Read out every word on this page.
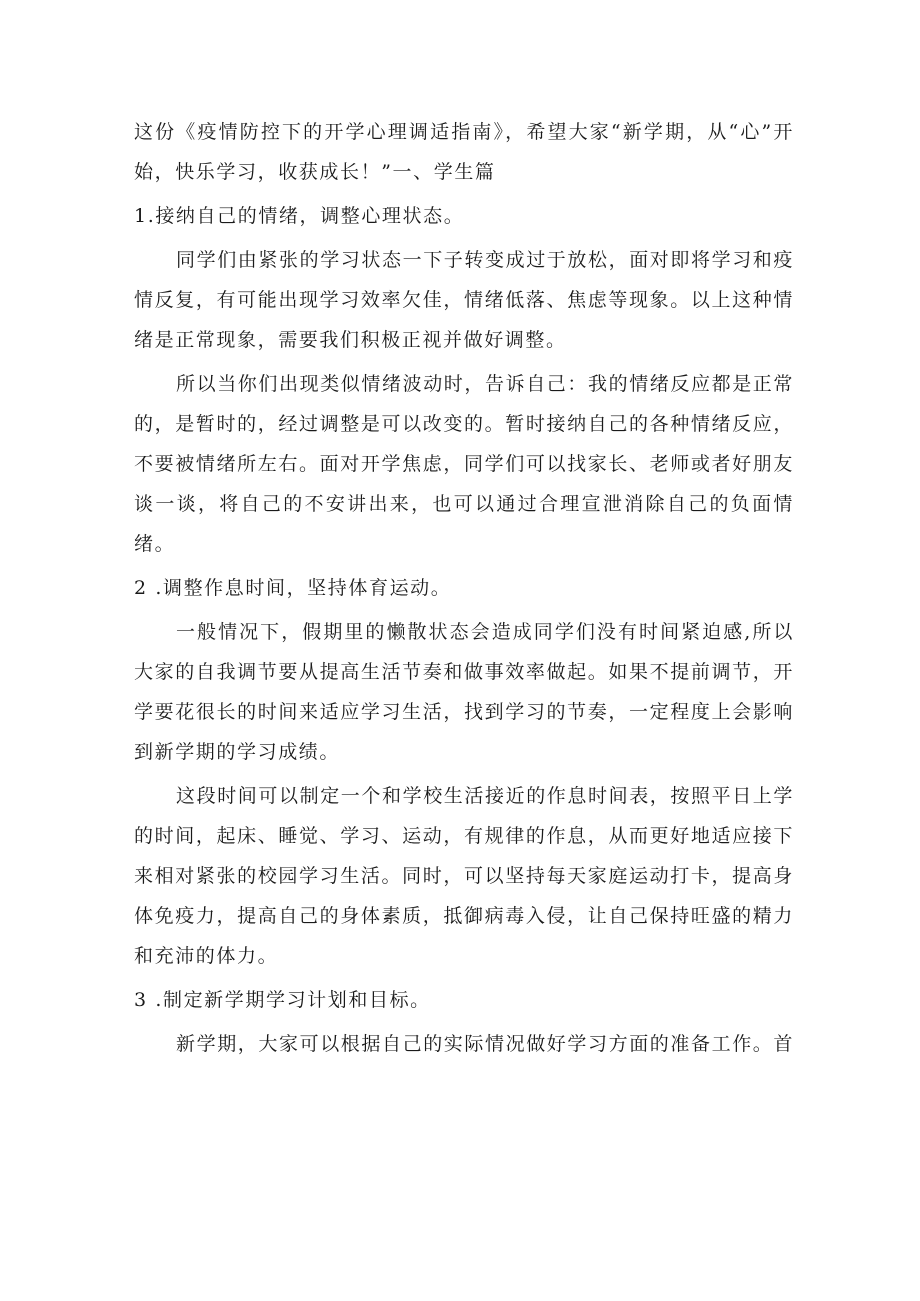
这份《疫情防控下的开学心理调适指南》，希望大家“新学期，从“心”开始，快乐学习，收获成长！”一、学生篇

1.接纳自己的情绪，调整心理状态。

同学们由紧张的学习状态一下子转变成过于放松，面对即将学习和疫情反复，有可能出现学习效率欠佳，情绪低落、焦虑等现象。以上这种情绪是正常现象，需要我们积极正视并做好调整。

所以当你们出现类似情绪波动时，告诉自己：我的情绪反应都是正常的，是暂时的，经过调整是可以改变的。暂时接纳自己的各种情绪反应，不要被情绪所左右。面对开学焦虑，同学们可以找家长、老师或者好朋友谈一谈，将自己的不安讲出来，也可以通过合理宣泄消除自己的负面情绪。

2 .调整作息时间，坚持体育运动。

一般情况下，假期里的懒散状态会造成同学们没有时间紧迫感,所以大家的自我调节要从提高生活节奏和做事效率做起。如果不提前调节，开学要花很长的时间来适应学习生活，找到学习的节奏，一定程度上会影响到新学期的学习成绩。

这段时间可以制定一个和学校生活接近的作息时间表，按照平日上学的时间，起床、睡觉、学习、运动，有规律的作息，从而更好地适应接下来相对紧张的校园学习生活。同时，可以坚持每天家庭运动打卡，提高身体免疫力，提高自己的身体素质，抵御病毒入侵，让自己保持旺盛的精力和充沛的体力。

3 .制定新学期学习计划和目标。

新学期，大家可以根据自己的实际情况做好学习方面的准备工作。首
